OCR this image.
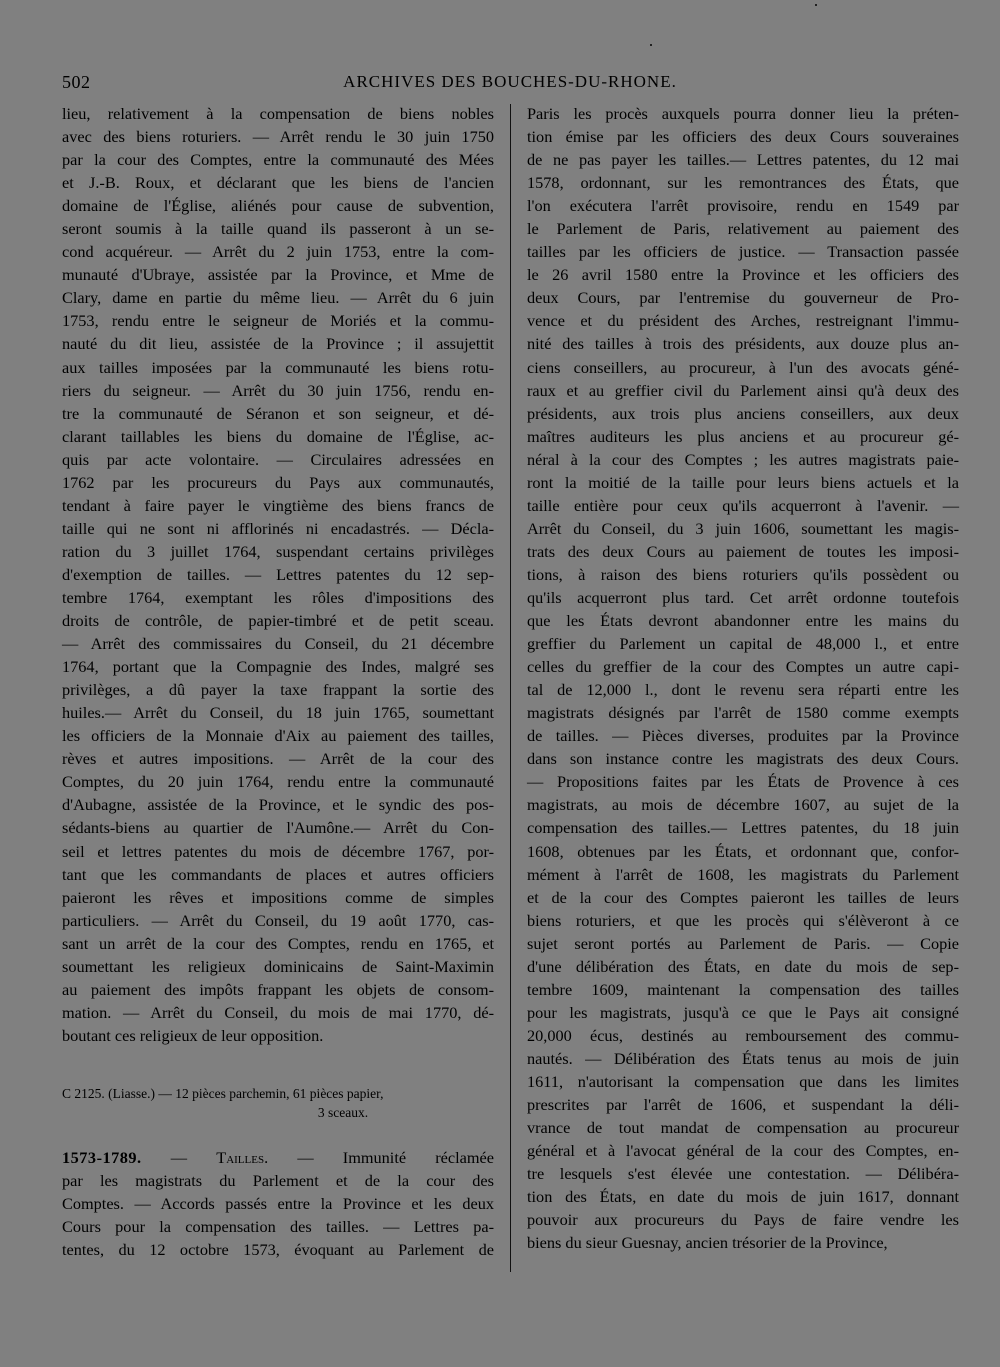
502	ARCHIVES DES BOUCHES-DU-RHONE.
lieu, relativement à la compensation de biens nobles
avec des biens roturiers. — Arrêt rendu le 30 juin 1750
par la cour des Comptes, entre la communauté des Mées
et J.-B. Roux, et déclarant que les biens de l'ancien
domaine de l'Église, aliénés pour cause de subvention,
seront soumis à la taille quand ils passeront à un se-
cond acquéreur. — Arrêt du 2 juin 1753, entre la com-
munauté d'Ubraye, assistée par la Province, et Mme de
Clary, dame en partie du même lieu. — Arrêt du 6 juin
1753, rendu entre le seigneur de Moriés et la commu-
nauté du dit lieu, assistée de la Province ; il assujettit
aux tailles imposées par la communauté les biens rotu-
riers du seigneur. — Arrêt du 30 juin 1756, rendu en-
tre la communauté de Séranon et son seigneur, et dé-
clarant taillables les biens du domaine de l'Église, ac-
quis par acte volontaire. — Circulaires adressées en
1762 par les procureurs du Pays aux communautés,
tendant à faire payer le vingtième des biens francs de
taille qui ne sont ni afflorinés ni encadastrés. — Décla-
ration du 3 juillet 1764, suspendant certains privilèges
d'exemption de tailles. — Lettres patentes du 12 sep-
tembre 1764, exemptant les rôles d'impositions des
droits de contrôle, de papier-timbré et de petit sceau.
— Arrêt des commissaires du Conseil, du 21 décembre
1764, portant que la Compagnie des Indes, malgré ses
privilèges, a dû payer la taxe frappant la sortie des
huiles.— Arrêt du Conseil, du 18 juin 1765, soumettant
les officiers de la Monnaie d'Aix au paiement des tailles,
rèves et autres impositions. — Arrêt de la cour des
Comptes, du 20 juin 1764, rendu entre la communauté
d'Aubagne, assistée de la Province, et le syndic des pos-
sédants-biens au quartier de l'Aumône.— Arrêt du Con-
seil et lettres patentes du mois de décembre 1767, por-
tant que les commandants de places et autres officiers
paieront les rêves et impositions comme de simples
particuliers. — Arrêt du Conseil, du 19 août 1770, cas-
sant un arrêt de la cour des Comptes, rendu en 1765, et
soumettant les religieux dominicains de Saint-Maximin
au paiement des impôts frappant les objets de consom-
mation. — Arrêt du Conseil, du mois de mai 1770, dé-
boutant ces religieux de leur opposition.
C 2125. (Liasse.) — 12 pièces parchemin, 61 pièces papier,
3 sceaux.
1573-1789. — Tailles. — Immunité réclamée
par les magistrats du Parlement et de la cour des
Comptes. — Accords passés entre la Province et les deux
Cours pour la compensation des tailles. — Lettres pa-
tentes, du 12 octobre 1573, évoquant au Parlement de
Paris les procès auxquels pourra donner lieu la préten-
tion émise par les officiers des deux Cours souveraines
de ne pas payer les tailles.— Lettres patentes, du 12 mai
1578, ordonnant, sur les remontrances des États, que
l'on exécutera l'arrêt provisoire, rendu en 1549 par
le Parlement de Paris, relativement au paiement des
tailles par les officiers de justice. — Transaction passée
le 26 avril 1580 entre la Province et les officiers des
deux Cours, par l'entremise du gouverneur de Pro-
vence et du président des Arches, restreignant l'immu-
nité des tailles à trois des présidents, aux douze plus an-
ciens conseillers, au procureur, à l'un des avocats géné-
raux et au greffier civil du Parlement ainsi qu'à deux des
présidents, aux trois plus anciens conseillers, aux deux
maîtres auditeurs les plus anciens et au procureur gé-
néral à la cour des Comptes ; les autres magistrats paie-
ront la moitié de la taille pour leurs biens actuels et la
taille entière pour ceux qu'ils acquerront à l'avenir. —
Arrêt du Conseil, du 3 juin 1606, soumettant les magis-
trats des deux Cours au paiement de toutes les imposi-
tions, à raison des biens roturiers qu'ils possèdent ou
qu'ils acquerront plus tard. Cet arrêt ordonne toutefois
que les États devront abandonner entre les mains du
greffier du Parlement un capital de 48,000 l., et entre
celles du greffier de la cour des Comptes un autre capi-
tal de 12,000 l., dont le revenu sera réparti entre les
magistrats désignés par l'arrêt de 1580 comme exempts
de tailles. — Pièces diverses, produites par la Province
dans son instance contre les magistrats des deux Cours.
— Propositions faites par les États de Provence à ces
magistrats, au mois de décembre 1607, au sujet de la
compensation des tailles.— Lettres patentes, du 18 juin
1608, obtenues par les États, et ordonnant que, confor-
mément à l'arrêt de 1608, les magistrats du Parlement
et de la cour des Comptes paieront les tailles de leurs
biens roturiers, et que les procès qui s'élèveront à ce
sujet seront portés au Parlement de Paris. — Copie
d'une délibération des États, en date du mois de sep-
tembre 1609, maintenant la compensation des tailles
pour les magistrats, jusqu'à ce que le Pays ait consigné
20,000 écus, destinés au remboursement des commu-
nautés. — Délibération des États tenus au mois de juin
1611, n'autorisant la compensation que dans les limites
prescrites par l'arrêt de 1606, et suspendant la déli-
vrance de tout mandat de compensation au procureur
général et à l'avocat général de la cour des Comptes, en-
tre lesquels s'est élevée une contestation. — Délibéra-
tion des États, en date du mois de juin 1617, donnant
pouvoir aux procureurs du Pays de faire vendre les
biens du sieur Guesnay, ancien trésorier de la Province,
